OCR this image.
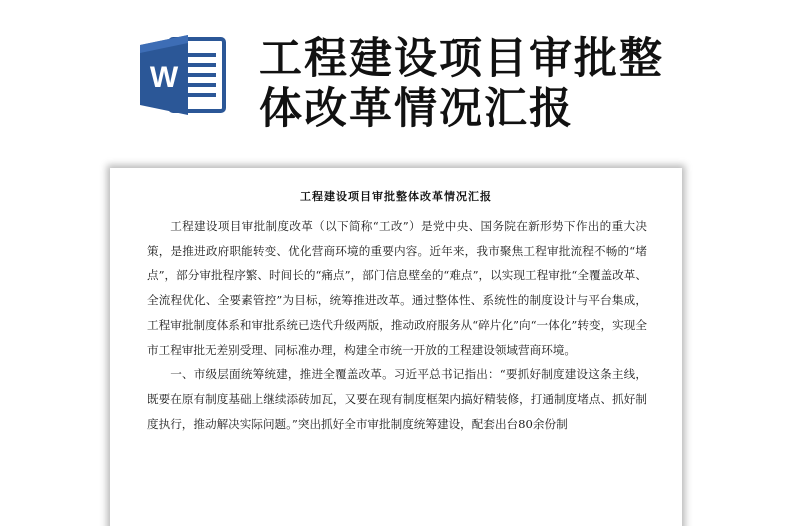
W 工程建设项目审批整体改革情况汇报
工程建设项目审批整体改革情况汇报

工程建设项目审批制度改革（以下简称“工改”）是党中央、国务院在新形势下作出的重大决策，是推进政府职能转变、优化营商环境的重要内容。近年来，我市聚焦工程审批流程不畅的“堵点”，部分审批程序繁、时间长的“痛点”，部门信息壁垒的“难点”，以实现工程审批“全覆盖改革、全流程优化、全要素管控”为目标，统筹推进改革。通过整体性、系统性的制度设计与平台集成，工程审批制度体系和审批系统已迭代升级两版，推动政府服务从“碎片化”向“一体化”转变，实现全市工程审批无差别受理、同标准办理，构建全市统一开放的工程建设领域营商环境。

一、市级层面统筹统建，推进全覆盖改革。习近平总书记指出：“要抓好制度建设这条主线，既要在原有制度基础上继续添砖加瓦，又要在现有制度框架内搞好精装修，打通制度堵点、抓好制度执行，推动解决实际问题。”突出抓好全市审批制度统筹建设，配套出台80余份制
